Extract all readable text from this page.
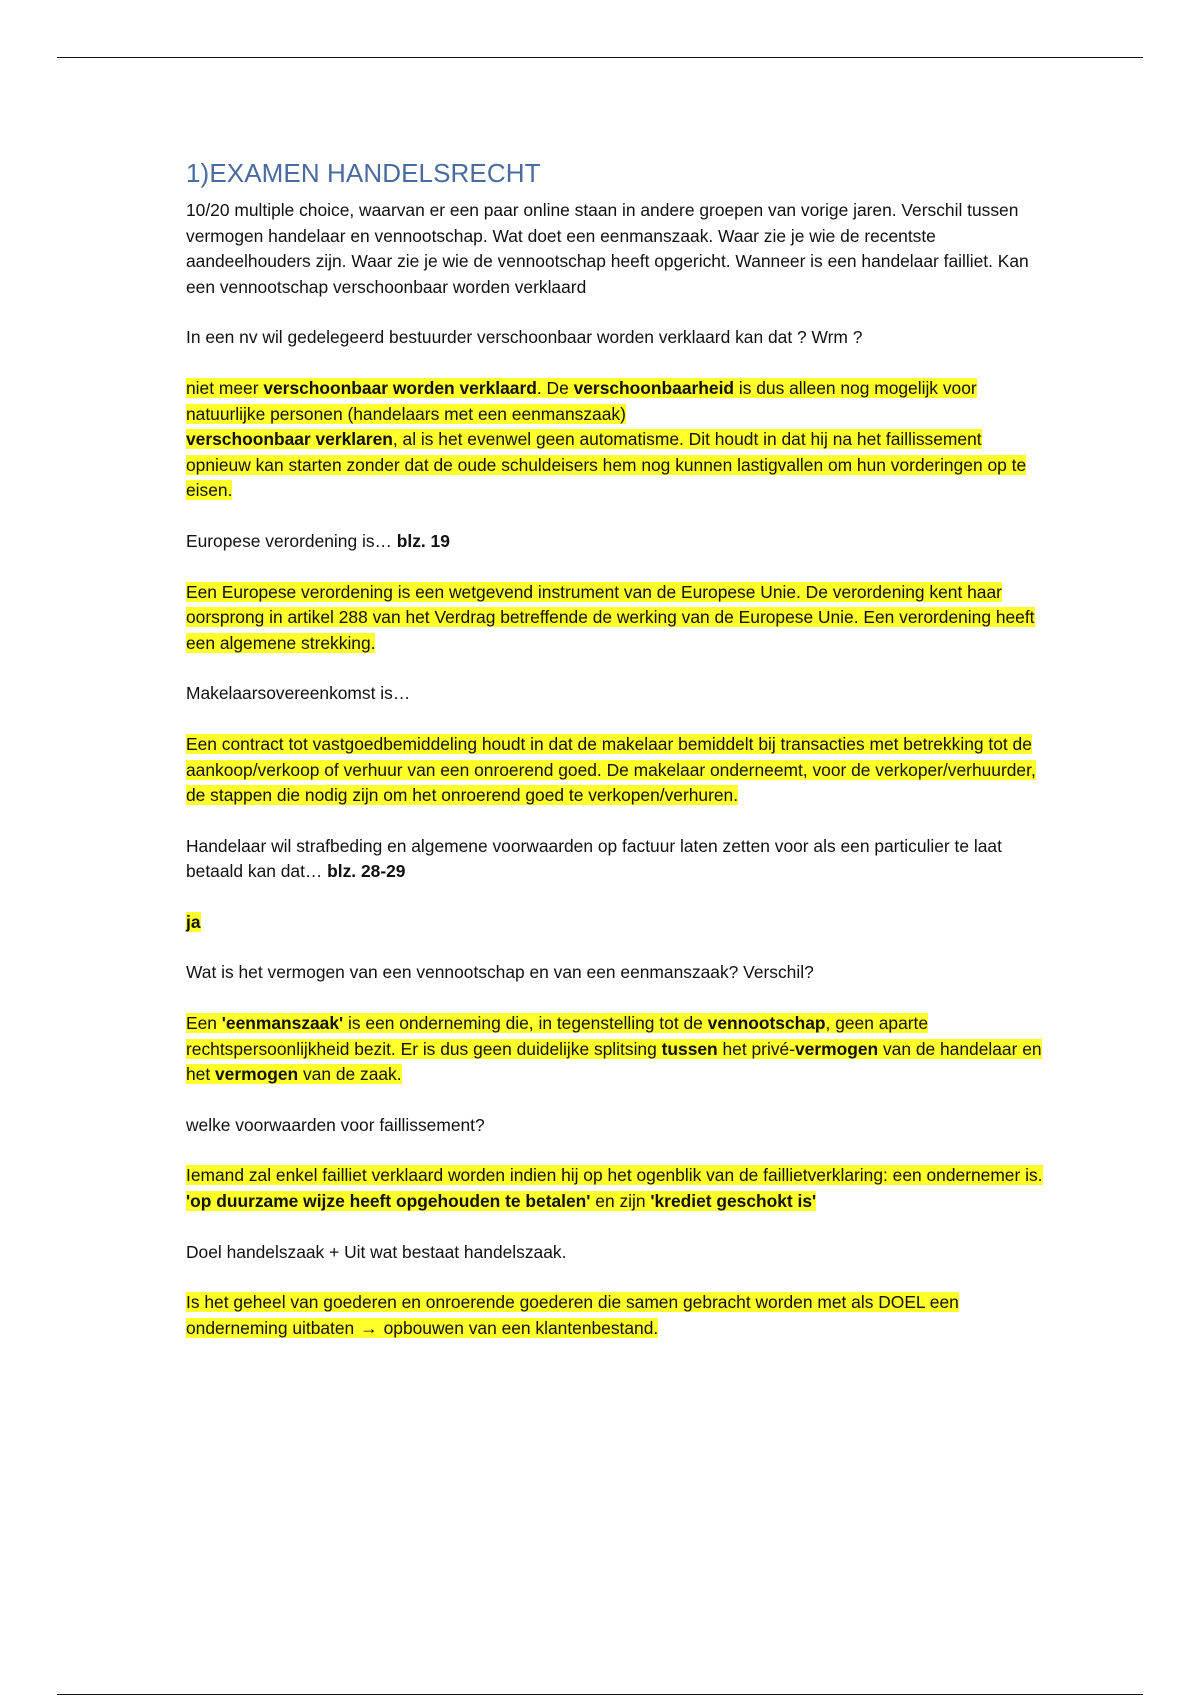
1)EXAMEN HANDELSRECHT

10/20 multiple choice, waarvan er een paar online staan in andere groepen van vorige jaren. Verschil tussen vermogen handelaar en vennootschap. Wat doet een eenmanszaak. Waar zie je wie de recentste aandeelhouders zijn. Waar zie je wie de vennootschap heeft opgericht. Wanneer is een handelaar failliet. Kan een vennootschap verschoonbaar worden verklaard

In een nv wil gedelegeerd bestuurder verschoonbaar worden verklaard kan dat ? Wrm ?

niet meer verschoonbaar worden verklaard. De verschoonbaarheid is dus alleen nog mogelijk voor natuurlijke personen (handelaars met een eenmanszaak)
verschoonbaar verklaren, al is het evenwel geen automatisme. Dit houdt in dat hij na het faillissement opnieuw kan starten zonder dat de oude schuldeisers hem nog kunnen lastigvallen om hun vorderingen op te eisen.

Europese verordening is… blz. 19

Een Europese verordening is een wetgevend instrument van de Europese Unie. De verordening kent haar oorsprong in artikel 288 van het Verdrag betreffende de werking van de Europese Unie. Een verordening heeft een algemene strekking.

Makelaarsovereenkomst is…

Een contract tot vastgoedbemiddeling houdt in dat de makelaar bemiddelt bij transacties met betrekking tot de aankoop/verkoop of verhuur van een onroerend goed. De makelaar onderneemt, voor de verkoper/verhuurder, de stappen die nodig zijn om het onroerend goed te verkopen/verhuren.

Handelaar wil strafbeding en algemene voorwaarden op factuur laten zetten voor als een particulier te laat betaald kan dat… blz. 28-29

ja

Wat is het vermogen van een vennootschap en van een eenmanszaak? Verschil?

Een 'eenmanszaak' is een onderneming die, in tegenstelling tot de vennootschap, geen aparte rechtspersoonlijkheid bezit. Er is dus geen duidelijke splitsing tussen het privé-vermogen van de handelaar en het vermogen van de zaak.

welke voorwaarden voor faillissement?

Iemand zal enkel failliet verklaard worden indien hij op het ogenblik van de faillietverklaring: een ondernemer is. 'op duurzame wijze heeft opgehouden te betalen' en zijn 'krediet geschokt is'

Doel handelszaak + Uit wat bestaat handelszaak.

Is het geheel van goederen en onroerende goederen die samen gebracht worden met als DOEL een onderneming uitbaten → opbouwen van een klantenbestand.
